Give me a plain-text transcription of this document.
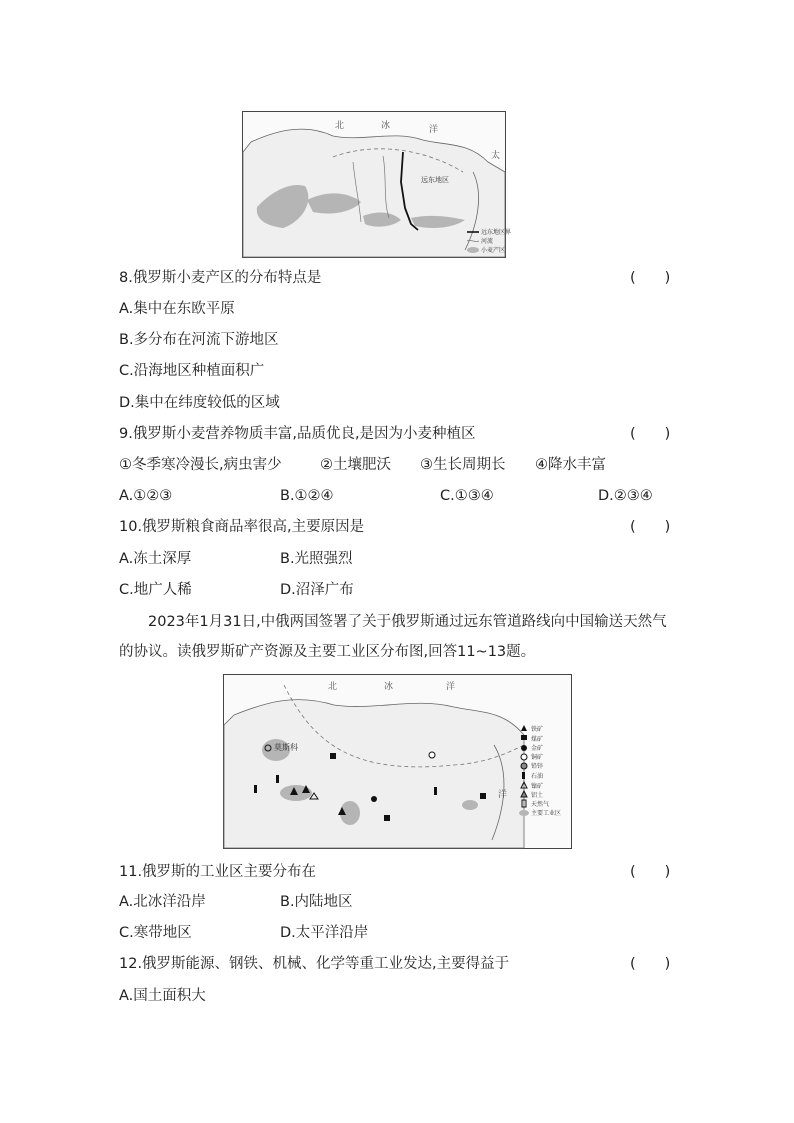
北	冰	洋
太
远东地区
远东地区界
河流
小麦产区
8.俄罗斯小麦产区的分布特点是	(　　)
A.集中在东欧平原
B.多分布在河流下游地区
C.沿海地区种植面积广
D.集中在纬度较低的区域
9.俄罗斯小麦营养物质丰富,品质优良,是因为小麦种植区	(　　)
①冬季寒冷漫长,病虫害少	②土壤肥沃 ③生长周期长 ④降水丰富
A.①②③	B.①②④	C.①③④	D.②③④
10.俄罗斯粮食商品率很高,主要原因是	(　　)
A.冻土深厚	B.光照强烈
C.地广人稀	D.沼泽广布
2023年1月31日,中俄两国签署了关于俄罗斯通过远东管道路线向中国输送天然气的协议。读俄罗斯矿产资源及主要工业区分布图,回答11~13题。
莫斯科
北	冰	洋
洋
铁矿
煤矿
金矿
铜矿
铅锌
石油
镍矿
铝土
天然气
主要工业区
11.俄罗斯的工业区主要分布在	(　　)
A.北冰洋沿岸	B.内陆地区
C.寒带地区	D.太平洋沿岸
12.俄罗斯能源、钢铁、机械、化学等重工业发达,主要得益于	(　　)
A.国土面积大
